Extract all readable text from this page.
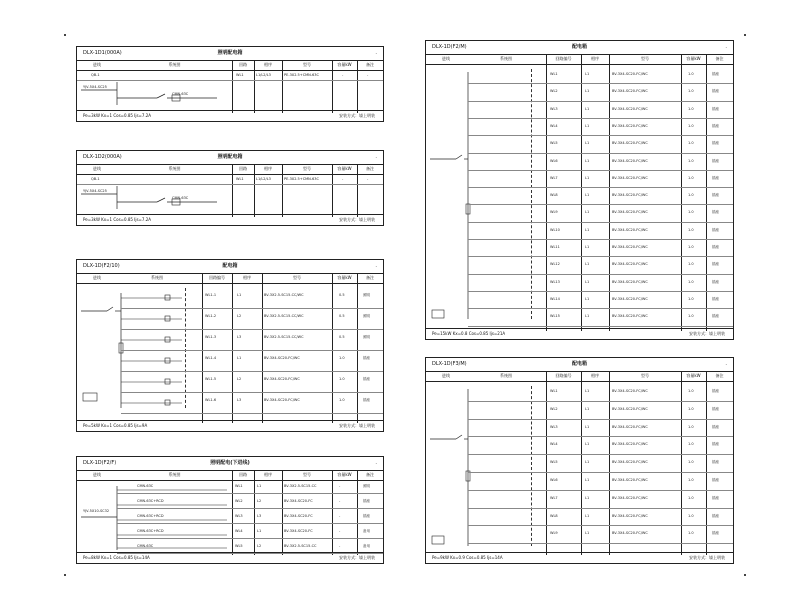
DLX-1D1(000A)	照明配电箱	.
进线	系统图	回路	相序	型号	容量kW	备注
QB-1	WL1	L1/L2/L3	PE-3X2.5+CMN-63C	-	-
YJV-5X4-SC25
CMN-63C
Pe=3kW Kx=1 Cos=0.85 Ijs=7.2A	安装方式：墙上明装
DLX-1D2(000A)	照明配电箱	.
进线	系统图	回路	相序	型号	容量kW	备注
QB-1	WL1	L1/L2/L3	PE-3X2.5+CMN-63C	-	-
YJV-5X4-SC25
CMN-63C
Pe=3kW Kx=1 Cos=0.85 Ijs=7.2A	安装方式：墙上明装
DLX-1D(F2/10)	配电箱	.
进线	系统图	回路编号	相序	型号	容量kW	备注
WL1-1	L1	BV-3X2.5-SC15-CC/WC	0.5	照明
WL1-2	L2	BV-3X2.5-SC15-CC/WC	0.5	照明
WL1-3	L3	BV-3X2.5-SC15-CC/WC	0.5	照明
WL1-4	L1	BV-3X4-SC20-FC/WC	1.0	插座
WL1-5	L2	BV-3X4-SC20-FC/WC	1.0	插座
WL1-6	L3	BV-3X4-SC20-FC/WC	1.0	插座
Pe=5kW Kx=1 Cos=0.85 Ijs=9A	安装方式：墙上明装
DLX-1D(F2/F)	照明配电(下进线)	.
进线	系统图	回路	相序	型号	容量kW	备注
YJV-5X10-SC32
CMN-63C	WL1	L1	BV-3X2.5-SC15-CC	-	照明
CMN-63C+RCD	WL2	L2	BV-3X4-SC20-FC	-	插座
CMN-63C+RCD	WL3	L3	BV-3X4-SC20-FC	-	插座
CMN-63C+RCD	WL4	L1	BV-3X4-SC20-FC	-	备用
CMN-63C	WL5	L2	BV-3X2.5-SC15-CC	-	备用
Pe=8kW Kx=1 Cos=0.85 Ijs=14A	安装方式：墙上明装
DLX-1D(F2/M)	配电箱	.
进线	系统图	回路编号	相序	型号	容量kW	备注
WL1	L1	BV-3X4-SC20-FC/WC	1.0	插座
WL2	L1	BV-3X4-SC20-FC/WC	1.0	插座
WL3	L1	BV-3X4-SC20-FC/WC	1.0	插座
WL4	L1	BV-3X4-SC20-FC/WC	1.0	插座
WL5	L1	BV-3X4-SC20-FC/WC	1.0	插座
WL6	L1	BV-3X4-SC20-FC/WC	1.0	插座
WL7	L1	BV-3X4-SC20-FC/WC	1.0	插座
WL8	L1	BV-3X4-SC20-FC/WC	1.0	插座
WL9	L1	BV-3X4-SC20-FC/WC	1.0	插座
WL10	L1	BV-3X4-SC20-FC/WC	1.0	插座
WL11	L1	BV-3X4-SC20-FC/WC	1.0	插座
WL12	L1	BV-3X4-SC20-FC/WC	1.0	插座
WL13	L1	BV-3X4-SC20-FC/WC	1.0	插座
WL14	L1	BV-3X4-SC20-FC/WC	1.0	插座
WL15	L1	BV-3X4-SC20-FC/WC	1.0	插座
Pe=15kW Kx=0.8 Cos=0.85 Ijs=21A	安装方式：墙上明装
DLX-1D(F3/M)	配电箱	.
进线	系统图	回路编号	相序	型号	容量kW	备注
WL1	L1	BV-3X4-SC20-FC/WC	1.0	插座
WL2	L1	BV-3X4-SC20-FC/WC	1.0	插座
WL3	L1	BV-3X4-SC20-FC/WC	1.0	插座
WL4	L1	BV-3X4-SC20-FC/WC	1.0	插座
WL5	L1	BV-3X4-SC20-FC/WC	1.0	插座
WL6	L1	BV-3X4-SC20-FC/WC	1.0	插座
WL7	L1	BV-3X4-SC20-FC/WC	1.0	插座
WL8	L1	BV-3X4-SC20-FC/WC	1.0	插座
WL9	L1	BV-3X4-SC20-FC/WC	1.0	插座
Pe=9kW Kx=0.9 Cos=0.85 Ijs=14A	安装方式：墙上明装
